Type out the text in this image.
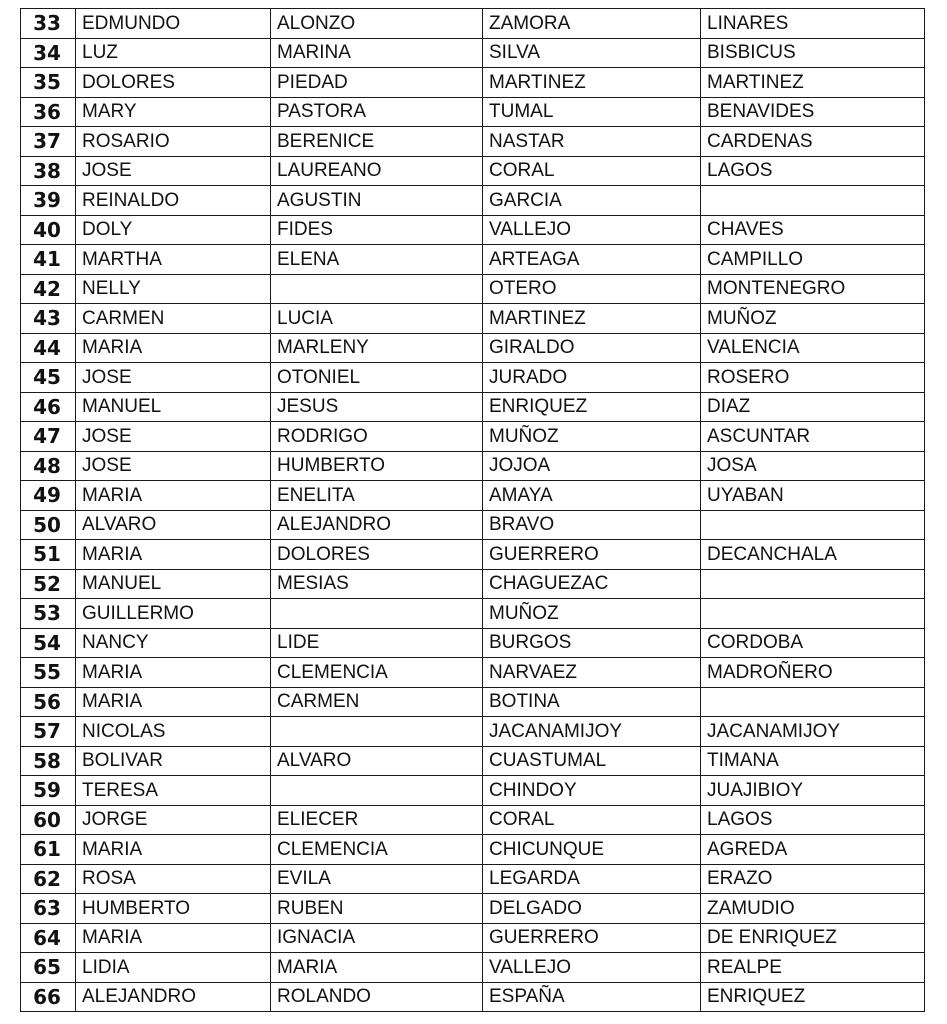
33	EDMUNDO	ALONZO	ZAMORA	LINARES
34	LUZ	MARINA	SILVA	BISBICUS
35	DOLORES	PIEDAD	MARTINEZ	MARTINEZ
36	MARY	PASTORA	TUMAL	BENAVIDES
37	ROSARIO	BERENICE	NASTAR	CARDENAS
38	JOSE	LAUREANO	CORAL	LAGOS
39	REINALDO	AGUSTIN	GARCIA	
40	DOLY	FIDES	VALLEJO	CHAVES
41	MARTHA	ELENA	ARTEAGA	CAMPILLO
42	NELLY		OTERO	MONTENEGRO
43	CARMEN	LUCIA	MARTINEZ	MUÑOZ
44	MARIA	MARLENY	GIRALDO	VALENCIA
45	JOSE	OTONIEL	JURADO	ROSERO
46	MANUEL	JESUS	ENRIQUEZ	DIAZ
47	JOSE	RODRIGO	MUÑOZ	ASCUNTAR
48	JOSE	HUMBERTO	JOJOA	JOSA
49	MARIA	ENELITA	AMAYA	UYABAN
50	ALVARO	ALEJANDRO	BRAVO	
51	MARIA	DOLORES	GUERRERO	DECANCHALA
52	MANUEL	MESIAS	CHAGUEZAC	
53	GUILLERMO		MUÑOZ	
54	NANCY	LIDE	BURGOS	CORDOBA
55	MARIA	CLEMENCIA	NARVAEZ	MADROÑERO
56	MARIA	CARMEN	BOTINA	
57	NICOLAS		JACANAMIJOY	JACANAMIJOY
58	BOLIVAR	ALVARO	CUASTUMAL	TIMANA
59	TERESA		CHINDOY	JUAJIBIOY
60	JORGE	ELIECER	CORAL	LAGOS
61	MARIA	CLEMENCIA	CHICUNQUE	AGREDA
62	ROSA	EVILA	LEGARDA	ERAZO
63	HUMBERTO	RUBEN	DELGADO	ZAMUDIO
64	MARIA	IGNACIA	GUERRERO	DE ENRIQUEZ
65	LIDIA	MARIA	VALLEJO	REALPE
66	ALEJANDRO	ROLANDO	ESPAÑA	ENRIQUEZ
